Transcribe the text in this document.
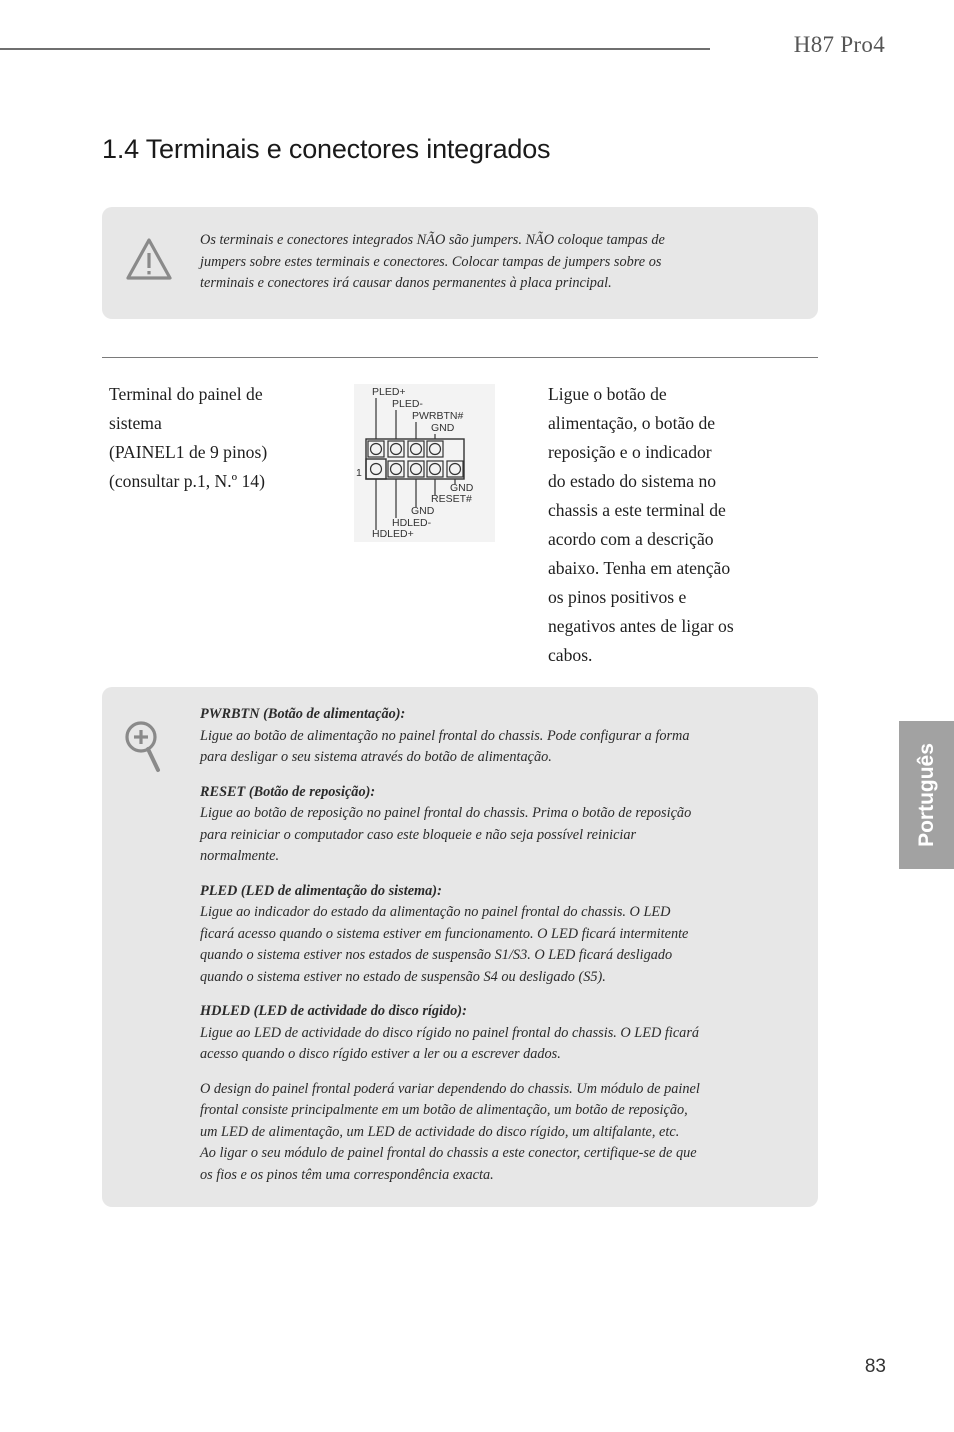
H87 Pro4
1.4 Terminais e conectores integrados
Os terminais e conectores integrados NÃO são jumpers. NÃO coloque tampas de
jumpers sobre estes terminais e conectores. Colocar tampas de jumpers sobre os
terminais e conectores irá causar danos permanentes à placa principal.
Terminal do painel de
sistema
(PAINEL1 de 9 pinos)
(consultar p.1, N.º 14)
PLED+
PLED-
PWRBTN#
GND
GND
RESET#
GND
HDLED-
HDLED+
1
Ligue o botão de
alimentação, o botão de
reposição e o indicador
do estado do sistema no
chassis a este terminal de
acordo com a descrição
abaixo. Tenha em atenção
os pinos positivos e
negativos antes de ligar os
cabos.
PWRBTN (Botão de alimentação):
Ligue ao botão de alimentação no painel frontal do chassis. Pode configurar a forma
para desligar o seu sistema através do botão de alimentação.
RESET (Botão de reposição):
Ligue ao botão de reposição no painel frontal do chassis. Prima o botão de reposição
para reiniciar o computador caso este bloqueie e não seja possível reiniciar
normalmente.
PLED (LED de alimentação do sistema):
Ligue ao indicador do estado da alimentação no painel frontal do chassis. O LED
ficará acesso quando o sistema estiver em funcionamento. O LED ficará intermitente
quando o sistema estiver nos estados de suspensão S1/S3. O LED ficará desligado
quando o sistema estiver no estado de suspensão S4 ou desligado (S5).
HDLED (LED de actividade do disco rígido):
Ligue ao LED de actividade do disco rígido no painel frontal do chassis. O LED ficará
acesso quando o disco rígido estiver a ler ou a escrever dados.
O design do painel frontal poderá variar dependendo do chassis. Um módulo de painel
frontal consiste principalmente em um botão de alimentação, um botão de reposição,
um LED de alimentação, um LED de actividade do disco rígido, um altifalante, etc.
Ao ligar o seu módulo de painel frontal do chassis a este conector, certifique-se de que
os fios e os pinos têm uma correspondência exacta.
Português
83
